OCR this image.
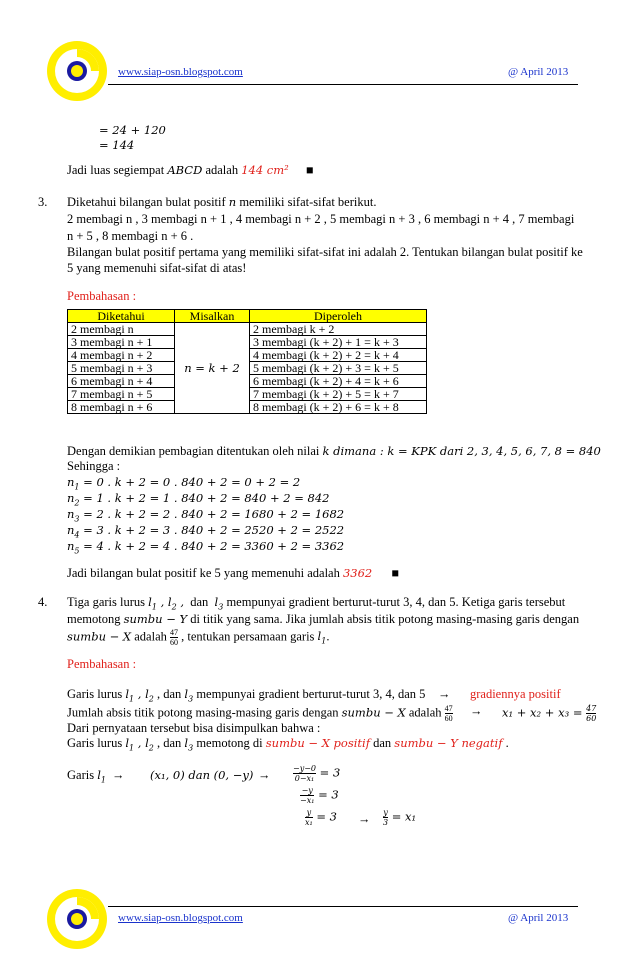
www.siap-osn.blogspot.com	@ April 2013
= 24 + 120
= 144
Jadi luas segiempat ABCD adalah 144 cm² ■
3. Diketahui bilangan bulat positif n memiliki sifat-sifat berikut.
2 membagi n , 3 membagi n + 1 , 4 membagi n + 2 , 5 membagi n + 3 , 6 membagi n + 4 , 7 membagi
n + 5 , 8 membagi n + 6 .
Bilangan bulat positif pertama yang memiliki sifat-sifat ini adalah 2. Tentukan bilangan bulat positif ke
5 yang memenuhi sifat-sifat di atas!
Pembahasan :
Diketahui	Misalkan	Diperoleh
2 membagi n	n = k + 2	2 membagi k + 2
3 membagi n + 1		3 membagi (k + 2) + 1 = k + 3
4 membagi n + 2		4 membagi (k + 2) + 2 = k + 4
5 membagi n + 3		5 membagi (k + 2) + 3 = k + 5
6 membagi n + 4		6 membagi (k + 2) + 4 = k + 6
7 membagi n + 5		7 membagi (k + 2) + 5 = k + 7
8 membagi n + 6		8 membagi (k + 2) + 6 = k + 8
Dengan demikian pembagian ditentukan oleh nilai k dimana : k = KPK dari 2, 3, 4, 5, 6, 7, 8 = 840
Sehingga :
$n_1 = 0$ . k + 2 = 0 . 840 + 2 = 0 + 2 = 2
$n_2 = 1$ . k + 2 = 1 . 840 + 2 = 840 + 2 = 842
$n_3 = 2$ . k + 2 = 2 . 840 + 2 = 1680 + 2 = 1682
$n_4 = 3$ . k + 2 = 3 . 840 + 2 = 2520 + 2 = 2522
$n_5 = 4$ . k + 2 = 4 . 840 + 2 = 3360 + 2 = 3362
Jadi bilangan bulat positif ke 5 yang memenuhi adalah 3362 ■
4. Tiga garis lurus $l_1$ , $l_2$ ,  dan  $l_3$ mempunyai gradient berturut-turut 3, 4, dan 5. Ketiga garis tersebut
memotong sumbu − Y di titik yang sama. Jika jumlah absis titik potong masing-masing garis dengan
sumbu − X adalah $\frac{47}{60}$ , tentukan persamaan garis $l_1$.
Pembahasan :
Garis lurus $l_1$ , $l_2$ , dan $l_3$ mempunyai gradient berturut-turut 3, 4, dan 5 → gradiennya positif
Jumlah absis titik potong masing-masing garis dengan sumbu − X adalah $\frac{47}{60} \to x_1 + x_2 + x_3 = \frac{47}{60}$
Dari pernyataan tersebut bisa disimpulkan bahwa :
Garis lurus $l_1$ , $l_2$ , dan $l_3$ memotong di sumbu − X positif dan sumbu − Y negatif .
Garis $l_1 \to (x_1$, 0) dan (0, −y) →	$\frac{-y-0}{\text{0−x₁}} = 3$
$\frac{-y}{\text{−x₁}} = 3$
$\frac{y}{\text{x₁}} = 3 \to \frac{y}{3} = x_1$
www.siap-osn.blogspot.com	@ April 2013
